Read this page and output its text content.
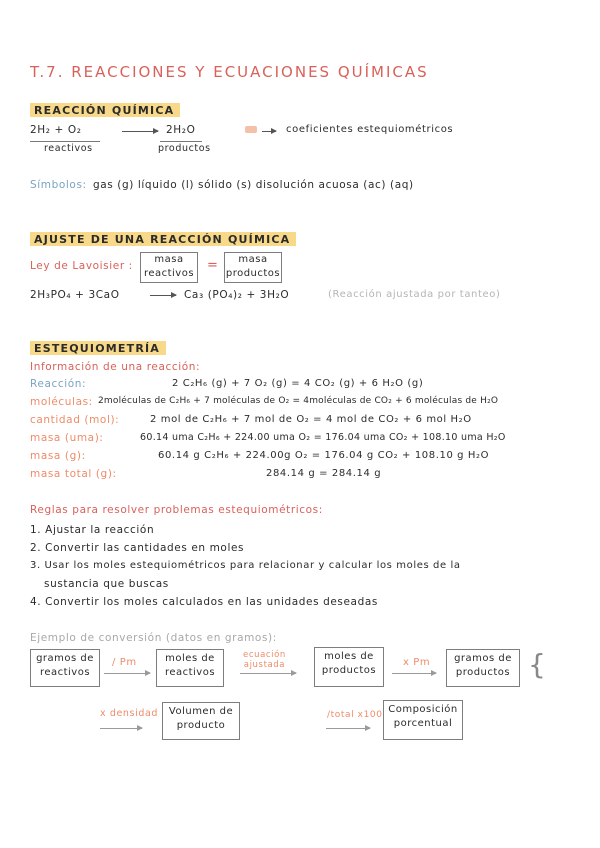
T.7. REACCIONES Y ECUACIONES QUÍMICAS
REACCIÓN QUÍMICA
2H₂ + O₂	→ 2H₂O
reactivos	productos
coeficientes estequiométricos
Símbolos: gas (g) líquido (l) sólido (s) disolución acuosa (ac) (aq)
AJUSTE DE UNA REACCIÓN QUÍMICA
Ley de Lavoisier :
masa
reactivos
=	masa
productos
2H₃PO₄ + 3CaO	Ca₃ (PO₄)₂ + 3H₂O	(Reacción ajustada por tanteo)
ESTEQUIOMETRÍA
Información de una reacción:
Reacción:	2 C₂H₆ (g) + 7 O₂ (g) = 4 CO₂ (g) + 6 H₂O (g)
moléculas: 2moléculas de C₂H₆ + 7 moléculas de O₂ = 4moléculas de CO₂ + 6 moléculas de H₂O
cantidad (mol):	2 mol de C₂H₆ + 7 mol de O₂ = 4 mol de CO₂ + 6 mol H₂O
masa (uma):	60.14 uma C₂H₆ + 224.00 uma O₂ = 176.04 uma CO₂ + 108.10 uma H₂O
masa (g):	60.14 g C₂H₆ + 224.00g O₂ = 176.04 g CO₂ + 108.10 g H₂O
masa total (g):	284.14 g = 284.14 g
Reglas para resolver problemas estequiométricos:
1. Ajustar la reacción
2. Convertir las cantidades en moles
3. Usar los moles estequiométricos para relacionar y calcular los moles de la
sustancia que buscas
4. Convertir los moles calculados en las unidades deseadas
Ejemplo de conversión (datos en gramos):
gramos de
reactivos
/ Pm	moles de
reactivos
ecuación
ajustada
moles de
productos
x Pm	gramos de
productos {
x densidad	Volumen de
producto
/total x100 Composición
porcentual
